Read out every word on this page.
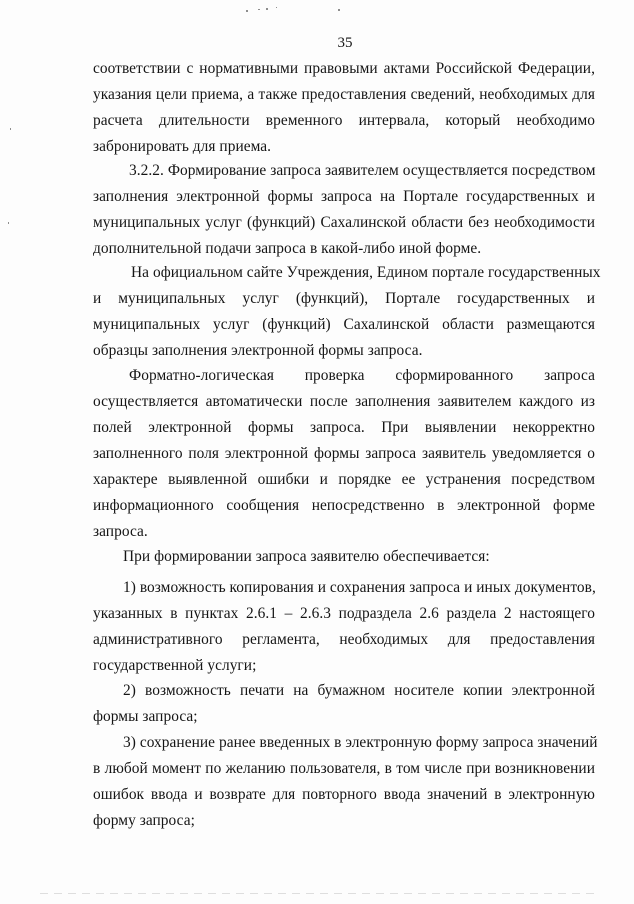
35
соответствии с нормативными правовыми актами Российской Федерации,
указания цели приема, а также предоставления сведений, необходимых для
расчета длительности временного интервала, который необходимо
забронировать для приема.
3.2.2. Формирование запроса заявителем осуществляется посредством
заполнения электронной формы запроса на Портале государственных и
муниципальных услуг (функций) Сахалинской области без необходимости
дополнительной подачи запроса в какой-либо иной форме.
На официальном сайте Учреждения, Едином портале государственных
и муниципальных услуг (функций), Портале государственных и
муниципальных услуг (функций) Сахалинской области размещаются
образцы заполнения электронной формы запроса.
Форматно-логическая проверка сформированного запроса
осуществляется автоматически после заполнения заявителем каждого из
полей электронной формы запроса. При выявлении некорректно
заполненного поля электронной формы запроса заявитель уведомляется о
характере выявленной ошибки и порядке ее устранения посредством
информационного сообщения непосредственно в электронной форме
запроса.
При формировании запроса заявителю обеспечивается:
1) возможность копирования и сохранения запроса и иных документов,
указанных в пунктах 2.6.1 – 2.6.3 подраздела 2.6 раздела 2 настоящего
административного регламента, необходимых для предоставления
государственной услуги;
2) возможность печати на бумажном носителе копии электронной
формы запроса;
3) сохранение ранее введенных в электронную форму запроса значений
в любой момент по желанию пользователя, в том числе при возникновении
ошибок ввода и возврате для повторного ввода значений в электронную
форму запроса;
